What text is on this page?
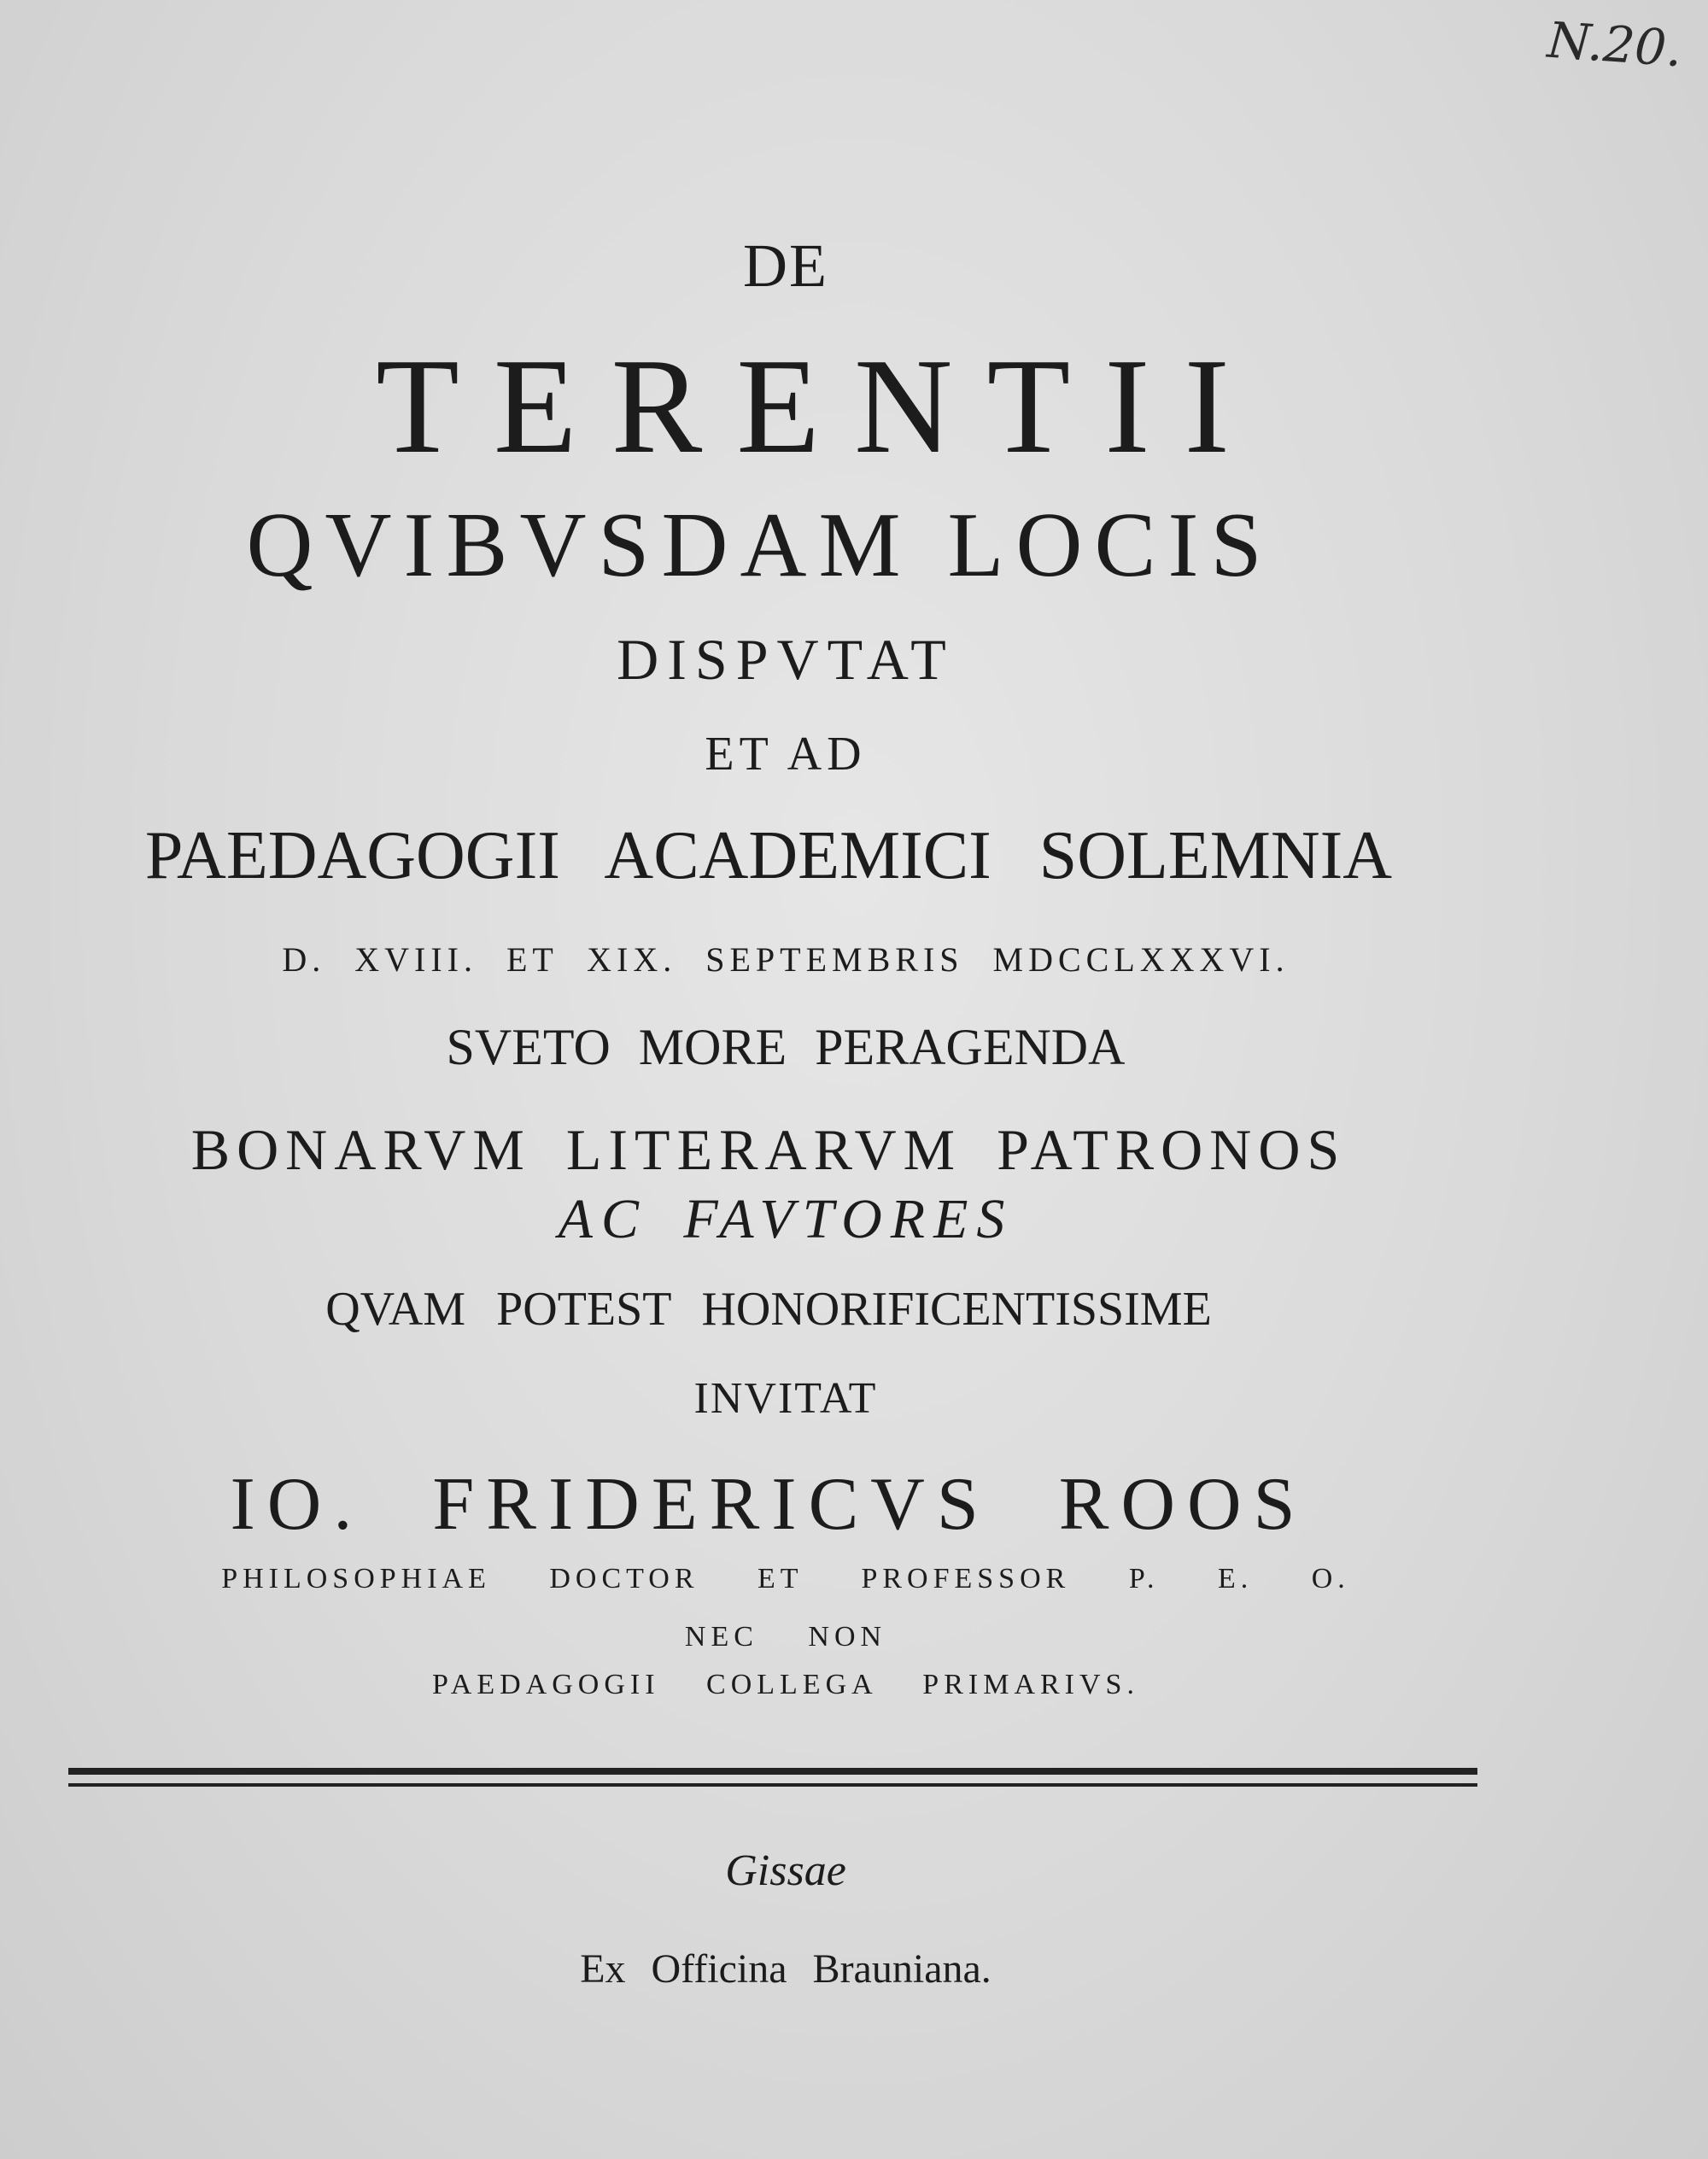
N.20.
DE
TERENTII
QVIBVSDAM LOCIS
DISPVTAT
ET AD
PAEDAGOGII ACADEMICI SOLEMNIA
D. XVIII. ET XIX. SEPTEMBRIS MDCCLXXXVI.
SVETO MORE PERAGENDA
BONARVM LITERARVM PATRONOS
AC FAVTORES
QVAM POTEST HONORIFICENTISSIME
INVITAT
IO. FRIDERICVS ROOS
PHILOSOPHIAE DOCTOR ET PROFESSOR P. E. O.
NEC NON
PAEDAGOGII COLLEGA PRIMARIVS.
Gissae
Ex Officina Brauniana.
